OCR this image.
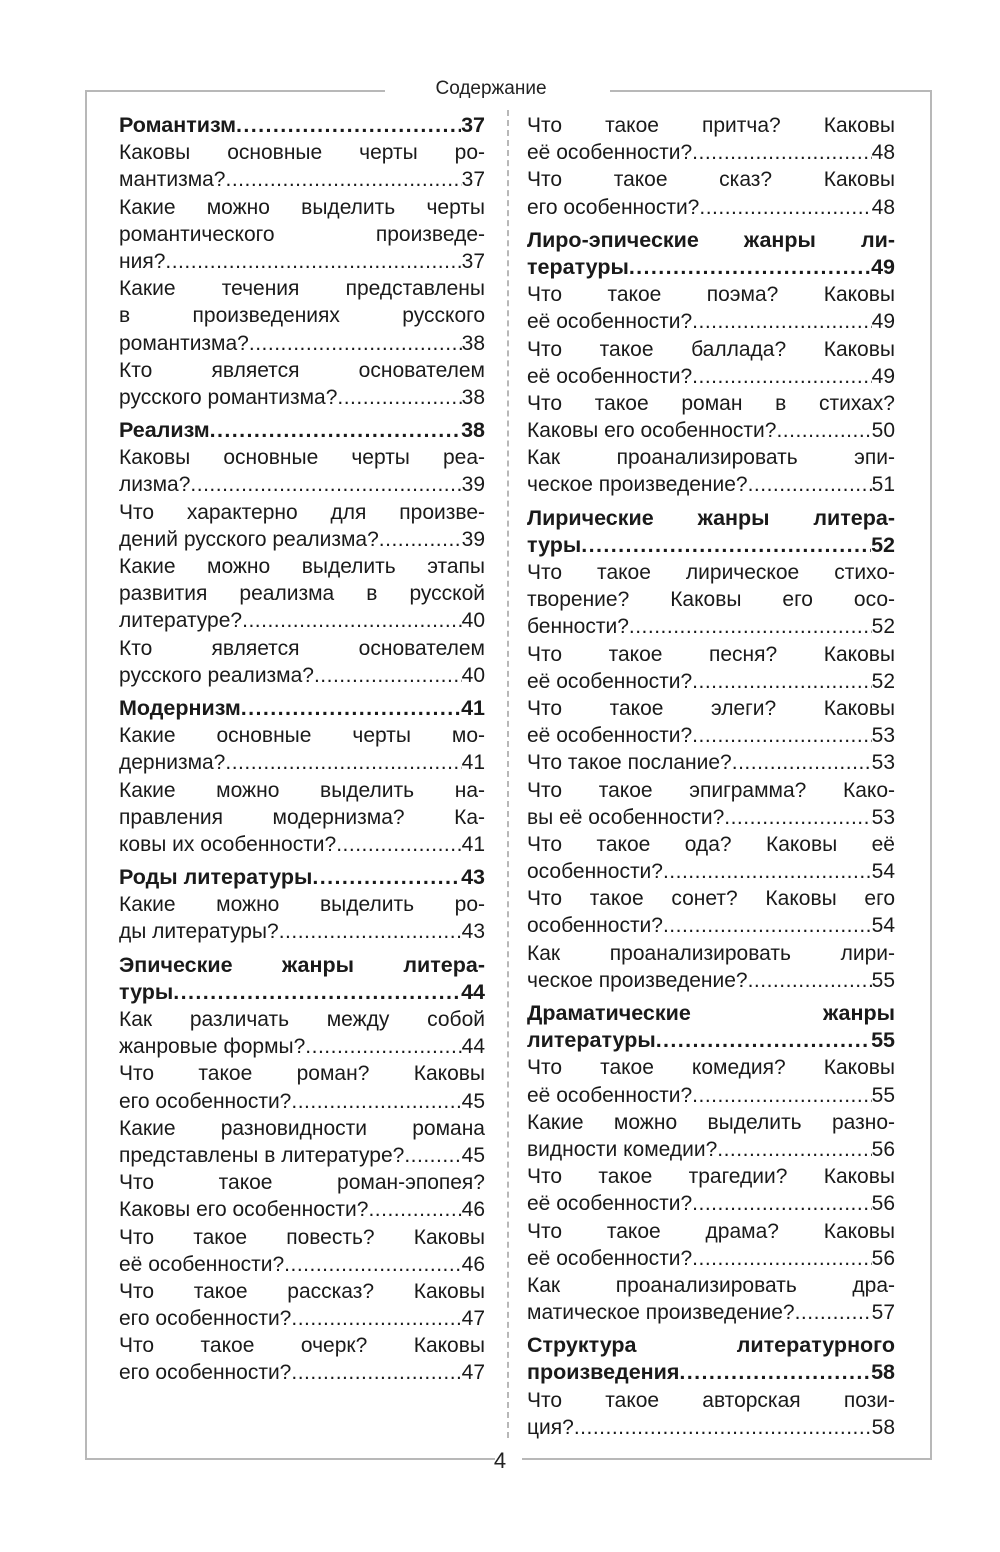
Содержание
Романтизм .....	37
Каковы основные черты ро-
мантизма? .....	37
Какие можно выделить черты
романтического произведе-
ния? .....	37
Какие течения представлены
в произведениях русского
романтизма? .....	38
Кто является основателем
русского романтизма? .....	38
Реализм .....	38
Каковы основные черты реа-
лизма? .....	39
Что характерно для произве-
дений русского реализма? .....	39
Какие можно выделить этапы
развития реализма в русской
литературе? .....	40
Кто является основателем
русского реализма? .....	40
Модернизм .....	41
Какие основные черты мо-
дернизма? .....	41
Какие можно выделить на-
правления модернизма? Ка-
ковы их особенности? .....	41
Роды литературы .....	43
Какие можно выделить ро-
ды литературы? .....	43
Эпические жанры литера-
туры .....	44
Как различать между собой
жанровые формы? .....	44
Что такое роман? Каковы
его особенности? .....	45
Какие разновидности романа
представлены в литературе? .....	45
Что такое роман-эпопея?
Каковы его особенности? .....	46
Что такое повесть? Каковы
её особенности? .....	46
Что такое рассказ? Каковы
его особенности? .....	47
Что такое очерк? Каковы
его особенности? .....	47
Что такое притча? Каковы
её особенности? .....	48
Что такое сказ? Каковы
его особенности? .....	48
Лиро-эпические жанры ли-
тературы .....	49
Что такое поэма? Каковы
её особенности? .....	49
Что такое баллада? Каковы
её особенности? .....	49
Что такое роман в стихах?
Каковы его особенности? .....	50
Как проанализировать эпи-
ческое произведение? .....	51
Лирические жанры литера-
туры .....	52
Что такое лирическое стихо-
творение? Каковы его осо-
бенности? .....	52
Что такое песня? Каковы
её особенности? .....	52
Что такое элеги? Каковы
её особенности? .....	53
Что такое послание? .....	53
Что такое эпиграмма? Како-
вы её особенности? .....	53
Что такое ода? Каковы её
особенности? .....	54
Что такое сонет? Каковы его
особенности? .....	54
Как проанализировать лири-
ческое произведение? .....	55
Драматические жанры
литературы .....	55
Что такое комедия? Каковы
её особенности? .....	55
Какие можно выделить разно-
видности комедии? .....	56
Что такое трагедии? Каковы
её особенности? .....	56
Что такое драма? Каковы
её особенности? .....	56
Как проанализировать дра-
матическое произведение? .....	57
Структура литературного
произведения .....	58
Что такое авторская пози-
ция? .....	58
4
